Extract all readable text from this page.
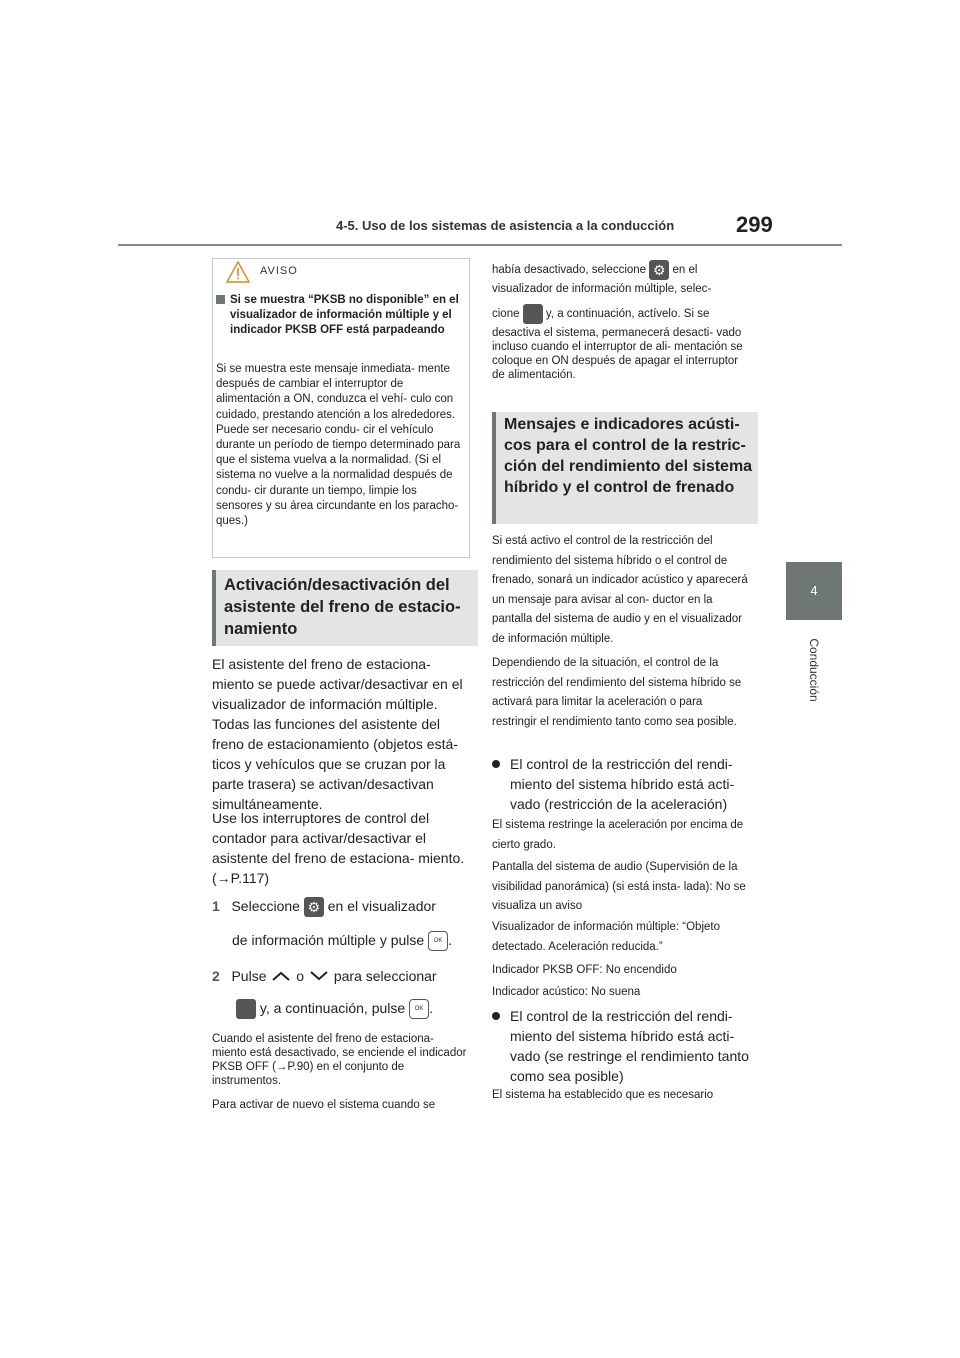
4-5. Uso de los sistemas de asistencia a la conducción	299
4
Conducción
AVISO
Si se muestra “PKSB no disponible” en el visualizador de información múltiple y el indicador PKSB OFF está parpadeando
Si se muestra este mensaje inmediata- mente después de cambiar el interruptor de alimentación a ON, conduzca el vehí- culo con cuidado, prestando atención a los alrededores. Puede ser necesario condu- cir el vehículo durante un período de tiempo determinado para que el sistema vuelva a la normalidad. (Si el sistema no vuelve a la normalidad después de condu- cir durante un tiempo, limpie los sensores y su área circundante en los paracho- ques.)
Activación/desactivación del asistente del freno de estacio- namiento
El asistente del freno de estaciona- miento se puede activar/desactivar en el visualizador de información múltiple. Todas las funciones del asistente del freno de estacionamiento (objetos está- ticos y vehículos que se cruzan por la parte trasera) se activan/desactivan simultáneamente.
Use los interruptores de control del contador para activar/desactivar el asistente del freno de estaciona- miento. (→P.117)
1 Seleccione ⚙ en el visualizador
de información múltiple y pulse OK .
2 Pulse o para seleccionar
y, a continuación, pulse OK .
Cuando el asistente del freno de estaciona- miento está desactivado, se enciende el indicador PKSB OFF (→P.90) en el conjunto de instrumentos.
Para activar de nuevo el sistema cuando se
había desactivado, seleccione ⚙ en el
visualizador de información múltiple, selec-
cione y, a continuación, actívelo. Si se
desactiva el sistema, permanecerá desacti- vado incluso cuando el interruptor de ali- mentación se coloque en ON después de apagar el interruptor de alimentación.
Mensajes e indicadores acústi- cos para el control de la restric- ción del rendimiento del sistema híbrido y el control de frenado
Si está activo el control de la restricción del rendimiento del sistema híbrido o el control de frenado, sonará un indicador acústico y aparecerá un mensaje para avisar al con- ductor en la pantalla del sistema de audio y en el visualizador de información múltiple.
Dependiendo de la situación, el control de la restricción del rendimiento del sistema híbrido se activará para limitar la aceleración o para restringir el rendimiento tanto como sea posible.
El control de la restricción del rendi- miento del sistema híbrido está acti- vado (restricción de la aceleración)
El sistema restringe la aceleración por encima de cierto grado.
Pantalla del sistema de audio (Supervisión de la visibilidad panorámica) (si está insta- lada): No se visualiza un aviso
Visualizador de información múltiple: “Objeto detectado. Aceleración reducida.”
Indicador PKSB OFF: No encendido
Indicador acústico: No suena
El control de la restricción del rendi- miento del sistema híbrido está acti- vado (se restringe el rendimiento tanto como sea posible)
El sistema ha establecido que es necesario
